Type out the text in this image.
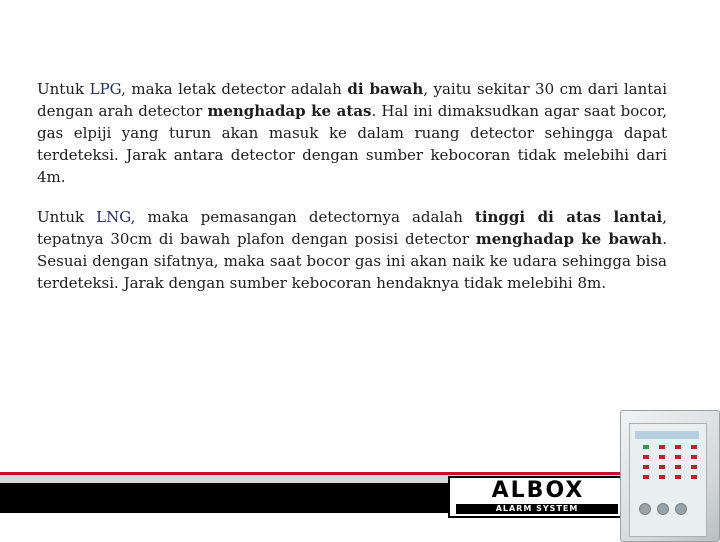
Untuk LPG, maka letak detector adalah di bawah, yaitu sekitar 30 cm dari lantai dengan arah detector menghadap ke atas. Hal ini dimaksudkan agar saat bocor, gas elpiji yang turun akan masuk ke dalam ruang detector sehingga dapat terdeteksi. Jarak antara detector dengan sumber kebocoran tidak melebihi dari 4m.

Untuk LNG, maka pemasangan detectornya adalah tinggi di atas lantai, tepatnya 30cm di bawah plafon dengan posisi detector menghadap ke bawah. Sesuai dengan sifatnya, maka saat bocor gas ini akan naik ke udara sehingga bisa terdeteksi. Jarak dengan sumber kebocoran hendaknya tidak melebihi 8m.

ALBOX
ALARM SYSTEM
